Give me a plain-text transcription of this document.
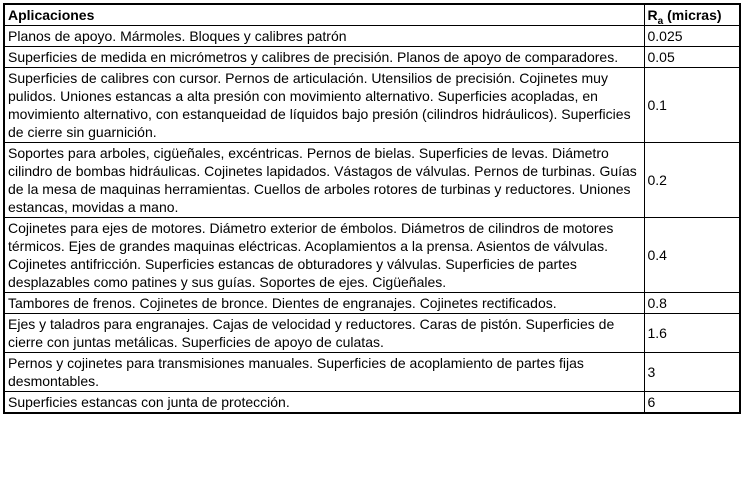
Aplicaciones	$R_a$ (micras)
Planos de apoyo. Mármoles. Bloques y calibres patrón	0.025
Superficies de medida en micrómetros y calibres de precisión. Planos de apoyo de comparadores.	0.05
Superficies de calibres con cursor. Pernos de articulación. Utensilios de precisión. Cojinetes muy pulidos. Uniones estancas a alta presión con movimiento alternativo. Superficies acopladas, en movimiento alternativo, con estanqueidad de líquidos bajo presión (cilindros hidráulicos). Superficies de cierre sin guarnición.	0.1
Soportes para arboles, cigüeñales, excéntricas. Pernos de bielas. Superficies de levas. Diámetro cilindro de bombas hidráulicas. Cojinetes lapidados. Vástagos de válvulas. Pernos de turbinas. Guías de la mesa de maquinas herramientas. Cuellos de arboles rotores de turbinas y reductores. Uniones estancas, movidas a mano.	0.2
Cojinetes para ejes de motores. Diámetro exterior de émbolos. Diámetros de cilindros de motores térmicos. Ejes de grandes maquinas eléctricas. Acoplamientos a la prensa. Asientos de válvulas. Cojinetes antifricción. Superficies estancas de obturadores y válvulas. Superficies de partes desplazables como patines y sus guías. Soportes de ejes. Cigüeñales.	0.4
Tambores de frenos. Cojinetes de bronce. Dientes de engranajes. Cojinetes rectificados.	0.8
Ejes y taladros para engranajes. Cajas de velocidad y reductores. Caras de pistón. Superficies de cierre con juntas metálicas. Superficies de apoyo de culatas.	1.6
Pernos y cojinetes para transmisiones manuales. Superficies de acoplamiento de partes fijas desmontables.	3
Superficies estancas con junta de protección.	6
